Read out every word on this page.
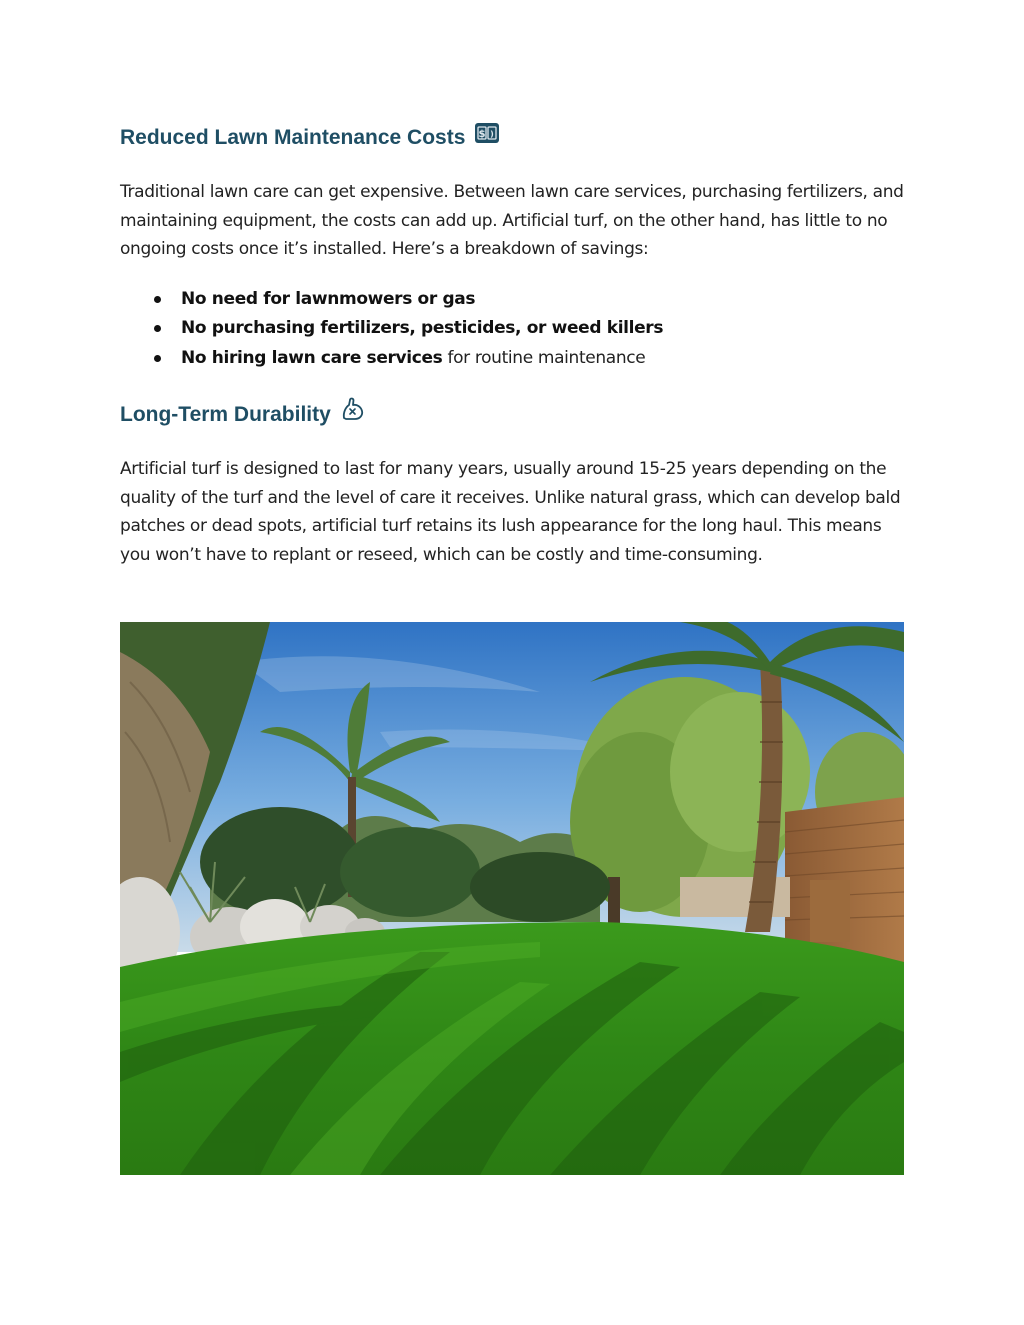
Reduced Lawn Maintenance Costs $ )

Traditional lawn care can get expensive. Between lawn care services, purchasing fertilizers, and maintaining equipment, the costs can add up. Artificial turf, on the other hand, has little to no ongoing costs once it’s installed. Here’s a breakdown of savings:

No need for lawnmowers or gas
No purchasing fertilizers, pesticides, or weed killers
No hiring lawn care services for routine maintenance
Long-Term Durability

Artificial turf is designed to last for many years, usually around 15-25 years depending on the quality of the turf and the level of care it receives. Unlike natural grass, which can develop bald patches or dead spots, artificial turf retains its lush appearance for the long haul. This means you won’t have to replant or reseed, which can be costly and time-consuming.
